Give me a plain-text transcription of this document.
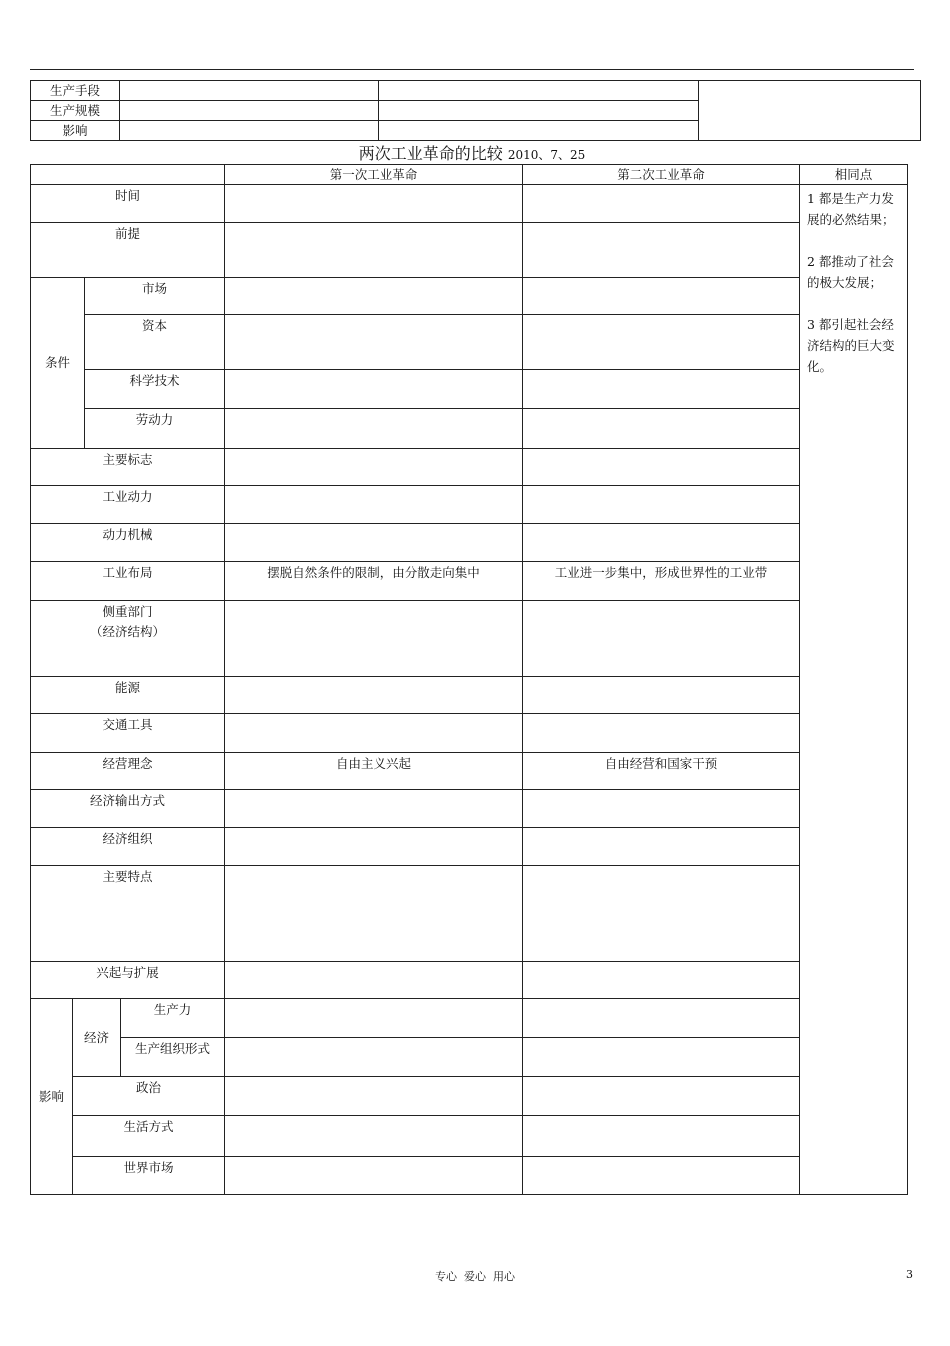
生产手段			
生产规模			
影响			
两次工业革命的比较 2010、7、25
				第一次工业革命	第二次工业革命	相同点
时间						1 都是生产力发展的必然结果；
2 都推动了社会的极大发展；
3 都引起社会经济结构的巨大变化。

前提						
条件		市场				
		资本				
		科学技术				
		劳动力				
主要标志						
工业动力						
动力机械						
工业布局				摆脱自然条件的限制，由分散走向集中	工业进一步集中，形成世界性的工业带	

侧重部门
（经济结构）						

能源						
交通工具						
经营理念				自由主义兴起	自由经营和国家干预	
经济输出方式						
经济组织						
主要特点						
兴起与扩展						
影响	经济		生产力			
			生产组织形式			
	政治					
	生活方式					
	世界市场					
专心  爱心  用心	3
